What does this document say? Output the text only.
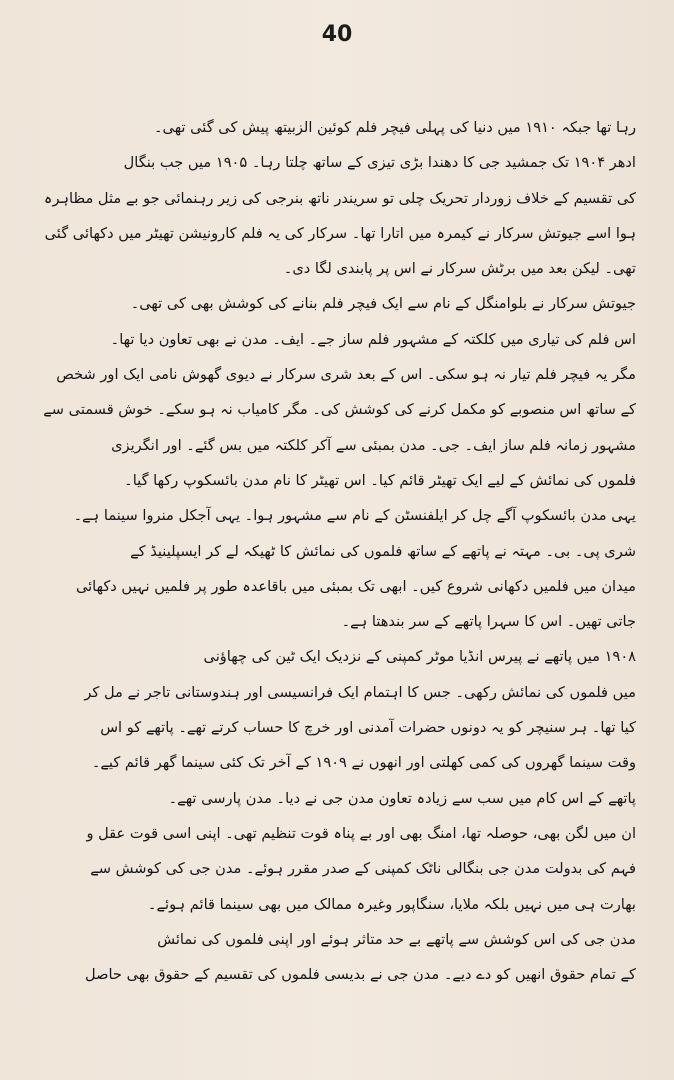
40
رہا تھا جبکہ ۱۹۱۰ میں دنیا کی پہلی فیچر فلم کوئین الزبیتھ پیش کی گئی تھی۔
ادھر ۱۹۰۴ تک جمشید جی کا دھندا بڑی تیزی کے ساتھ چلتا رہا۔ ۱۹۰۵ میں جب بنگال
کی تقسیم کے خلاف زوردار تحریک چلی تو سریندر ناتھ بنرجی کی زیر رہنمائی جو بے مثل مظاہرہ
ہوا اسے جیوتش سرکار نے کیمرہ میں اتارا تھا۔ سرکار کی یہ فلم کارونیشن تھیٹر میں دکھائی گئی
تھی۔ لیکن بعد میں برٹش سرکار نے اس پر پابندی لگا دی۔
جیوتش سرکار نے بلوامنگل کے نام سے ایک فیچر فلم بنانے کی کوشش بھی کی تھی۔
اس فلم کی تیاری میں کلکتہ کے مشہور فلم ساز جے۔ ایف۔ مدن نے بھی تعاون دیا تھا۔
مگر یہ فیچر فلم تیار نہ ہو سکی۔ اس کے بعد شری سرکار نے دیوی گھوش نامی ایک اور شخص
کے ساتھ اس منصوبے کو مکمل کرنے کی کوشش کی۔ مگر کامیاب نہ ہو سکے۔ خوش قسمتی سے
مشہور زمانہ فلم ساز ایف۔ جی۔ مدن بمبئی سے آکر کلکتہ میں بس گئے۔ اور انگریزی
فلموں کی نمائش کے لیے ایک تھیٹر قائم کیا۔ اس تھیٹر کا نام مدن بائسکوپ رکھا گیا۔
یہی مدن بائسکوپ آگے چل کر ایلفنسٹن کے نام سے مشہور ہوا۔ یہی آجکل منروا سینما ہے۔
شری پی۔ بی۔ مہتہ نے پاتھے کے ساتھ فلموں کی نمائش کا ٹھیکہ لے کر ایسپلینیڈ کے
میدان میں فلمیں دکھانی شروع کیں۔ ابھی تک بمبئی میں باقاعدہ طور پر فلمیں نہیں دکھائی
جاتی تھیں۔ اس کا سہرا پاتھے کے سر بندھتا ہے۔
۱۹۰۸ میں پاتھے نے پیرس انڈیا موٹر کمپنی کے نزدیک ایک ٹین کی چھاؤنی
میں فلموں کی نمائش رکھی۔ جس کا اہتمام ایک فرانسیسی اور ہندوستانی تاجر نے مل کر
کیا تھا۔ ہر سنیچر کو یہ دونوں حضرات آمدنی اور خرچ کا حساب کرتے تھے۔ پاتھے کو اس
وقت سینما گھروں کی کمی کھلتی اور انھوں نے ۱۹۰۹ کے آخر تک کئی سینما گھر قائم کیے۔
پاتھے کے اس کام میں سب سے زیادہ تعاون مدن جی نے دیا۔ مدن پارسی تھے۔
ان میں لگن بھی، حوصلہ تھا، امنگ بھی اور بے پناہ قوت تنظیم تھی۔ اپنی اسی قوت عقل و
فہم کی بدولت مدن جی بنگالی ناٹک کمپنی کے صدر مقرر ہوئے۔ مدن جی کی کوشش سے
بھارت ہی میں نہیں بلکہ ملایا، سنگاپور وغیرہ ممالک میں بھی سینما قائم ہوئے۔
مدن جی کی اس کوشش سے پاتھے بے حد متاثر ہوئے اور اپنی فلموں کی نمائش
کے تمام حقوق انھیں کو دے دیے۔ مدن جی نے بدیسی فلموں کی تقسیم کے حقوق بھی حاصل
